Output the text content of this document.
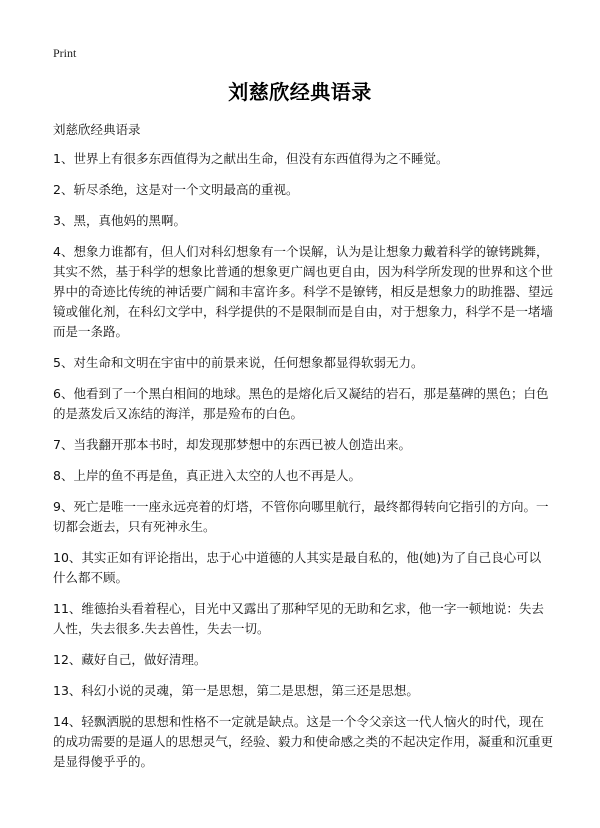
Print
刘慈欣经典语录
刘慈欣经典语录
1、世界上有很多东西值得为之献出生命，但没有东西值得为之不睡觉。
2、斩尽杀绝，这是对一个文明最高的重视。
3、黑，真他妈的黑啊。
4、想象力谁都有，但人们对科幻想象有一个误解，认为是让想象力戴着科学的镣铐跳舞，其实不然，基于科学的想象比普通的想象更广阔也更自由，因为科学所发现的世界和这个世界中的奇迹比传统的神话要广阔和丰富许多。科学不是镣铐，相反是想象力的助推器、望远镜或催化剂，在科幻文学中，科学提供的不是限制而是自由，对于想象力，科学不是一堵墙而是一条路。
5、对生命和文明在宇宙中的前景来说，任何想象都显得软弱无力。
6、他看到了一个黑白相间的地球。黑色的是熔化后又凝结的岩石，那是墓碑的黑色；白色的是蒸发后又冻结的海洋，那是殓布的白色。
7、当我翻开那本书时，却发现那梦想中的东西已被人创造出来。
8、上岸的鱼不再是鱼，真正进入太空的人也不再是人。
9、死亡是唯一一座永远亮着的灯塔，不管你向哪里航行，最终都得转向它指引的方向。一切都会逝去，只有死神永生。
10、其实正如有评论指出，忠于心中道德的人其实是最自私的，他(她)为了自己良心可以什么都不顾。
11、维德抬头看着程心，目光中又露出了那种罕见的无助和乞求，他一字一顿地说：失去人性，失去很多.失去兽性，失去一切。
12、藏好自己，做好清理。
13、科幻小说的灵魂，第一是思想，第二是思想，第三还是思想。
14、轻飘洒脱的思想和性格不一定就是缺点。这是一个令父亲这一代人恼火的时代，现在的成功需要的是逼人的思想灵气，经验、毅力和使命感之类的不起决定作用，凝重和沉重更是显得傻乎乎的。
